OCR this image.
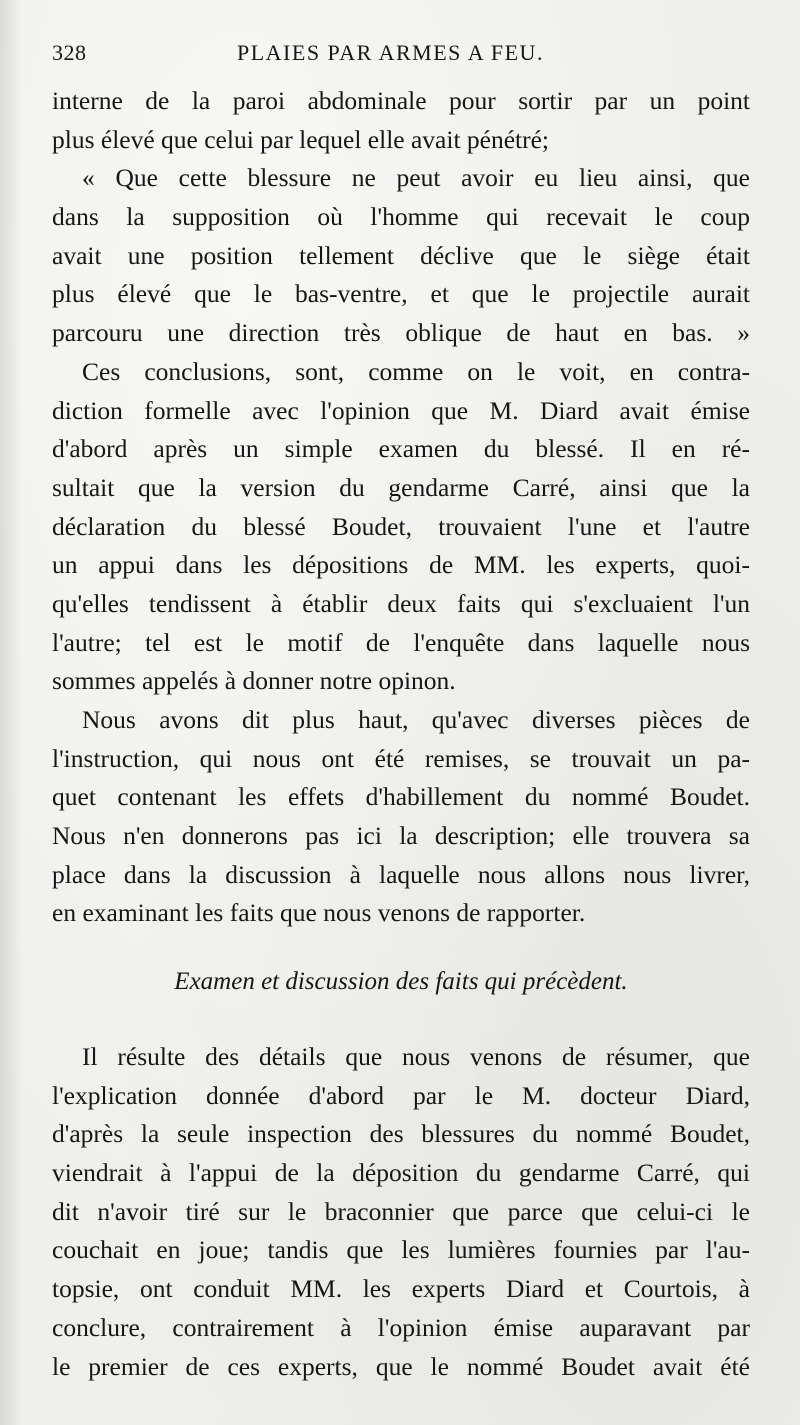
328	PLAIES PAR ARMES A FEU.
interne de la paroi abdominale pour sortir par un point
plus élevé que celui par lequel elle avait pénétré;
« Que cette blessure ne peut avoir eu lieu ainsi, que
dans la supposition où l'homme qui recevait le coup
avait une position tellement déclive que le siège était
plus élevé que le bas-ventre, et que le projectile aurait
parcouru une direction très oblique de haut en bas. »
Ces conclusions, sont, comme on le voit, en contra-
diction formelle avec l'opinion que M. Diard avait émise
d'abord après un simple examen du blessé. Il en ré-
sultait que la version du gendarme Carré, ainsi que la
déclaration du blessé Boudet, trouvaient l'une et l'autre
un appui dans les dépositions de MM. les experts, quoi-
qu'elles tendissent à établir deux faits qui s'excluaient l'un
l'autre; tel est le motif de l'enquête dans laquelle nous
sommes appelés à donner notre opinon.
Nous avons dit plus haut, qu'avec diverses pièces de
l'instruction, qui nous ont été remises, se trouvait un pa-
quet contenant les effets d'habillement du nommé Boudet.
Nous n'en donnerons pas ici la description; elle trouvera sa
place dans la discussion à laquelle nous allons nous livrer,
en examinant les faits que nous venons de rapporter.
Examen et discussion des faits qui précèdent.
Il résulte des détails que nous venons de résumer, que
l'explication donnée d'abord par le M. docteur Diard,
d'après la seule inspection des blessures du nommé Boudet,
viendrait à l'appui de la déposition du gendarme Carré, qui
dit n'avoir tiré sur le braconnier que parce que celui-ci le
couchait en joue; tandis que les lumières fournies par l'au-
topsie, ont conduit MM. les experts Diard et Courtois, à
conclure, contrairement à l'opinion émise auparavant par
le premier de ces experts, que le nommé Boudet avait été
